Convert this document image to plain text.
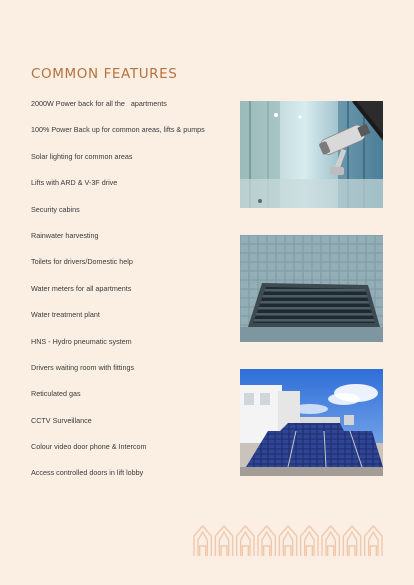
COMMON FEATURES
2000W Power back for all the   apartments
100% Power Back up for common areas, lifts & pumps
Solar lighting for common areas
Lifts with ARD & V-3F drive
Security cabins
Rainwater harvesting
Toilets for drivers/Domestic help
Water meters for all apartments
Water treatment plant
HNS - Hydro pneumatic system
Drivers waiting room with fittings
Reticulated gas
CCTV Surveillance
Colour video door phone & Intercom
Access controlled doors in lift lobby
